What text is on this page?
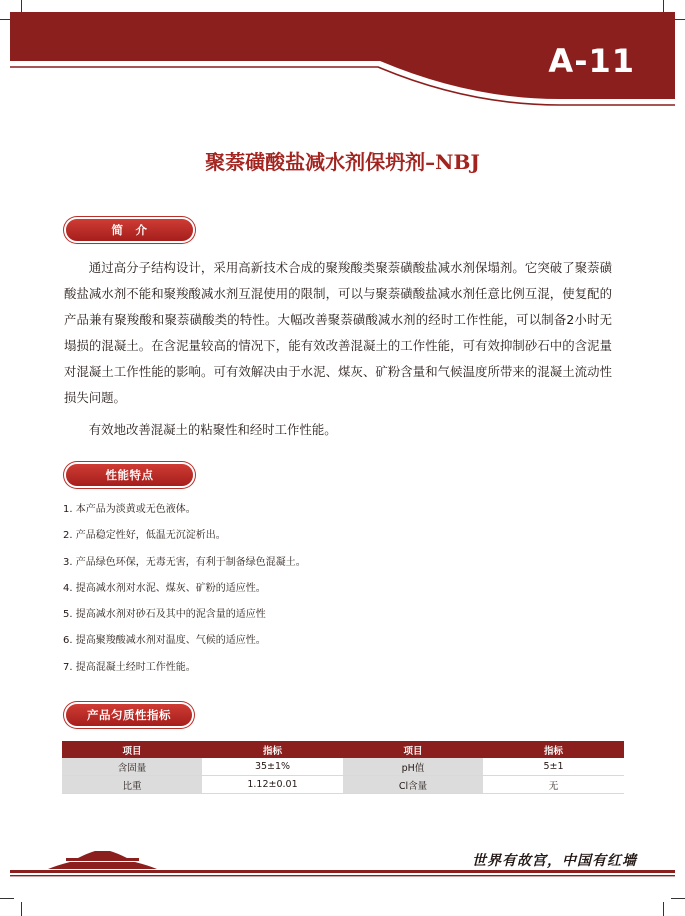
A-11
聚萘磺酸盐减水剂保坍剂–NBJ
简　介

通过高分子结构设计，采用高新技术合成的聚羧酸类聚萘磺酸盐减水剂保塌剂。它突破了聚萘磺酸盐减水剂不能和聚羧酸减水剂互混使用的限制，可以与聚萘磺酸盐减水剂任意比例互混，使复配的产品兼有聚羧酸和聚萘磺酸类的特性。大幅改善聚萘磺酸减水剂的经时工作性能，可以制备2小时无塌损的混凝土。在含泥量较高的情况下，能有效改善混凝土的工作性能，可有效抑制砂石中的含泥量对混凝土工作性能的影响。可有效解决由于水泥、煤灰、矿粉含量和气候温度所带来的混凝土流动性损失问题。

有效地改善混凝土的粘聚性和经时工作性能。

性能特点
1. 本产品为淡黄或无色液体。
2. 产品稳定性好，低温无沉淀析出。
3. 产品绿色环保，无毒无害，有利于制备绿色混凝土。
4. 提高减水剂对水泥、煤灰、矿粉的适应性。
5. 提高减水剂对砂石及其中的泥含量的适应性
6. 提高聚羧酸减水剂对温度、气候的适应性。
7. 提高混凝土经时工作性能。
产品匀质性指标
项目	指标	项目	指标
含固量	35±1%	pH值	5±1
比重	1.12±0.01	Cl含量	无
世界有故宫，中国有红墙
